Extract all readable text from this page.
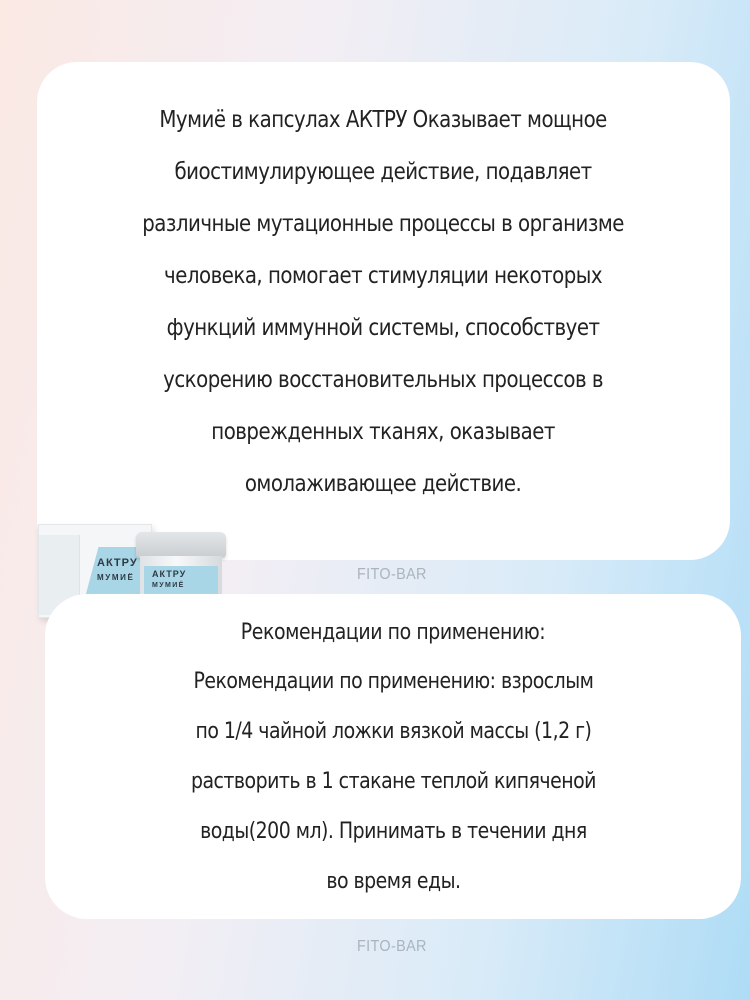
Мумиё в капсулах АКТРУ Оказывает мощное
биостимулирующее действие, подавляет
различные мутационные процессы в организме
человека, помогает стимуляции некоторых
функций иммунной системы, способствует
ускорению восстановительных процессов в
поврежденных тканях, оказывает
омолаживающее действие.

FITO-BAR
АКТРУ
МУМИЁ АКТРУ
МУМИЁ

Рекомендации по применению:

Рекомендации по применению: взрослым
по 1/4 чайной ложки вязкой массы (1,2 г)
растворить в 1 стакане теплой кипяченой
воды(200 мл). Принимать в течении дня
во время еды.

FITO-BAR
